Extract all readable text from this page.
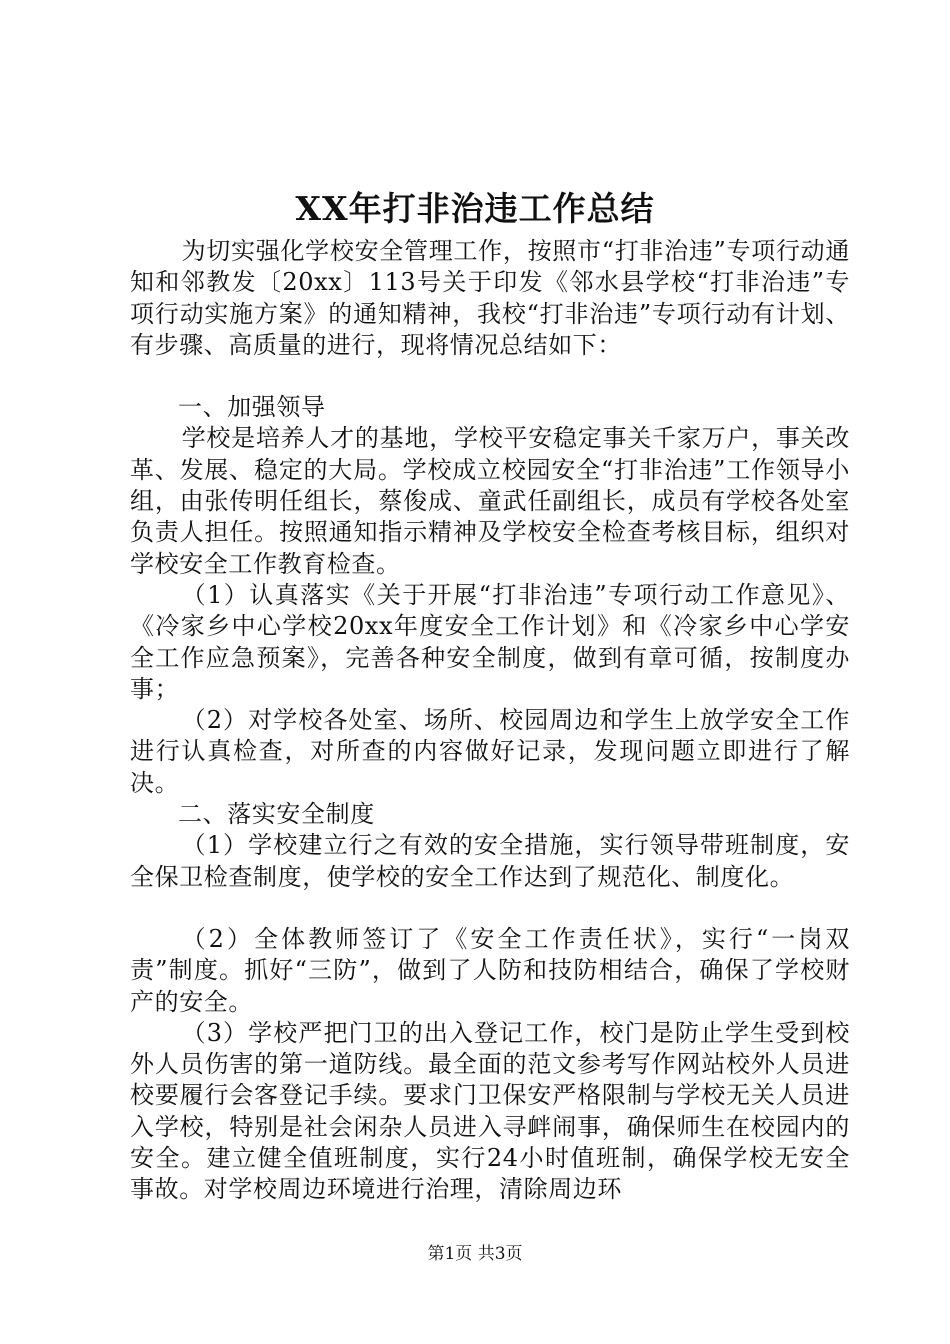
XX年打非治违工作总结

为切实强化学校安全管理工作，按照市“打非治违”专项行动通知和邻教发〔20xx〕113号关于印发《邻水县学校“打非治违”专项行动实施方案》的通知精神，我校“打非治违”专项行动有计划、有步骤、高质量的进行，现将情况总结如下：

一、加强领导

学校是培养人才的基地，学校平安稳定事关千家万户，事关改革、发展、稳定的大局。学校成立校园安全“打非治违”工作领导小组，由张传明任组长，蔡俊成、童武任副组长，成员有学校各处室负责人担任。按照通知指示精神及学校安全检查考核目标，组织对学校安全工作教育检查。

（1）认真落实《关于开展“打非治违”专项行动工作意见》、《冷家乡中心学校20xx年度安全工作计划》和《冷家乡中心学安全工作应急预案》，完善各种安全制度，做到有章可循，按制度办事；

（2）对学校各处室、场所、校园周边和学生上放学安全工作进行认真检查，对所查的内容做好记录，发现问题立即进行了解决。

二、落实安全制度

（1）学校建立行之有效的安全措施，实行领导带班制度，安全保卫检查制度，使学校的安全工作达到了规范化、制度化。

（2）全体教师签订了《安全工作责任状》，实行“一岗双责”制度。抓好“三防”，做到了人防和技防相结合，确保了学校财产的安全。

（3）学校严把门卫的出入登记工作，校门是防止学生受到校外人员伤害的第一道防线。最全面的范文参考写作网站校外人员进校要履行会客登记手续。要求门卫保安严格限制与学校无关人员进入学校，特别是社会闲杂人员进入寻衅闹事，确保师生在校园内的安全。建立健全值班制度，实行24小时值班制，确保学校无安全事故。对学校周边环境进行治理，清除周边环

第1页 共3页
